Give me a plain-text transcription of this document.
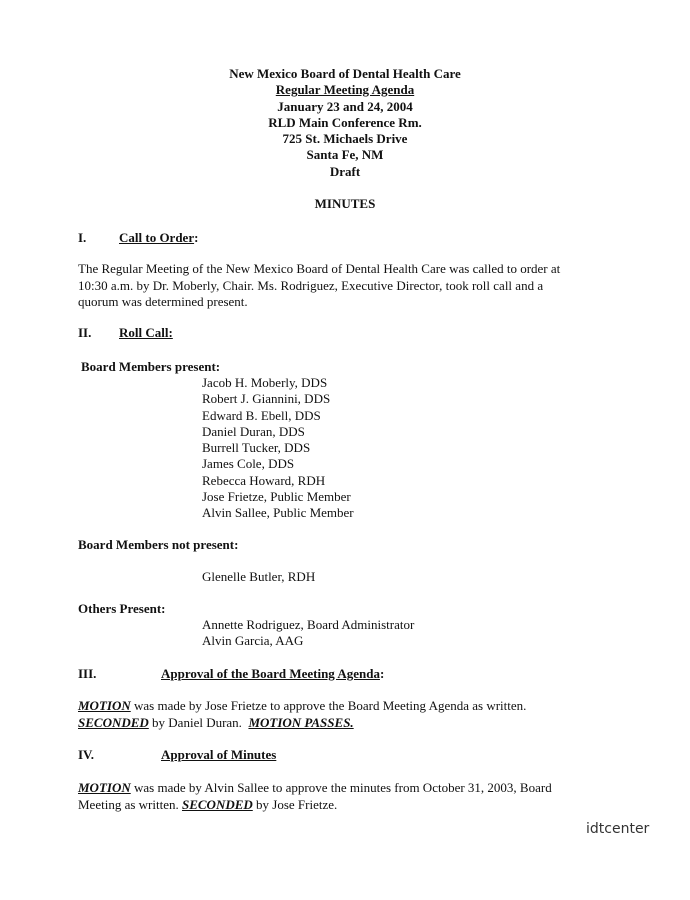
New Mexico Board of Dental Health Care
Regular Meeting Agenda
January 23 and 24, 2004
RLD Main Conference Rm.
725 St. Michaels Drive
Santa Fe, NM
Draft
MINUTES
I.	Call to Order:
The Regular Meeting of the New Mexico Board of Dental Health Care was called to order at
10:30 a.m. by Dr. Moberly, Chair. Ms. Rodriguez, Executive Director, took roll call and a
quorum was determined present.
II. Roll Call:
Board Members present:
Jacob H. Moberly, DDS
Robert J. Giannini, DDS
Edward B. Ebell, DDS
Daniel Duran, DDS
Burrell Tucker, DDS
James Cole, DDS
Rebecca Howard, RDH
Jose Frietze, Public Member
Alvin Sallee, Public Member
Board Members not present:
Glenelle Butler, RDH
Others Present:
Annette Rodriguez, Board Administrator
Alvin Garcia, AAG
III.	Approval of the Board Meeting Agenda:
MOTION was made by Jose Frietze to approve the Board Meeting Agenda as written.
SECONDED by Daniel Duran.  MOTION PASSES.
IV.	Approval of Minutes
MOTION was made by Alvin Sallee to approve the minutes from October 31, 2003, Board
Meeting as written. SECONDED by Jose Frietze.
idtcenter
